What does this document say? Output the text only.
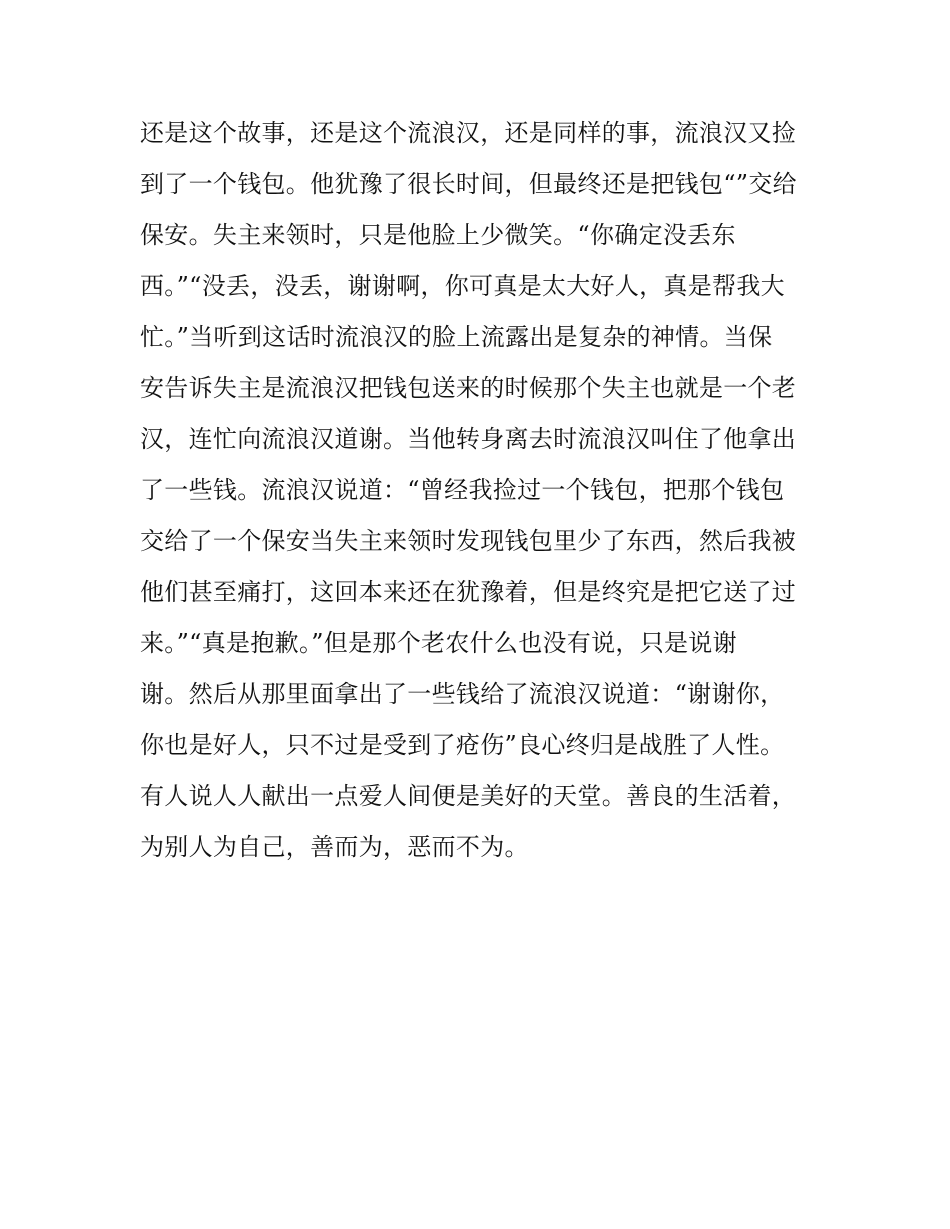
还是这个故事，还是这个流浪汉，还是同样的事，流浪汉又捡
到了一个钱包。他犹豫了很长时间，但最终还是把钱包“”交给
保安。失主来领时，只是他脸上少微笑。“你确定没丢东
西。”“没丢，没丢，谢谢啊，你可真是太大好人，真是帮我大
忙。”当听到这话时流浪汉的脸上流露出是复杂的神情。当保
安告诉失主是流浪汉把钱包送来的时候那个失主也就是一个老
汉，连忙向流浪汉道谢。当他转身离去时流浪汉叫住了他拿出
了一些钱。流浪汉说道：“曾经我捡过一个钱包，把那个钱包
交给了一个保安当失主来领时发现钱包里少了东西，然后我被
他们甚至痛打，这回本来还在犹豫着，但是终究是把它送了过
来。”“真是抱歉。”但是那个老农什么也没有说，只是说谢
谢。然后从那里面拿出了一些钱给了流浪汉说道：“谢谢你，
你也是好人，只不过是受到了疮伤”良心终归是战胜了人性。
有人说人人献出一点爱人间便是美好的天堂。善良的生活着，
为别人为自己，善而为，恶而不为。
